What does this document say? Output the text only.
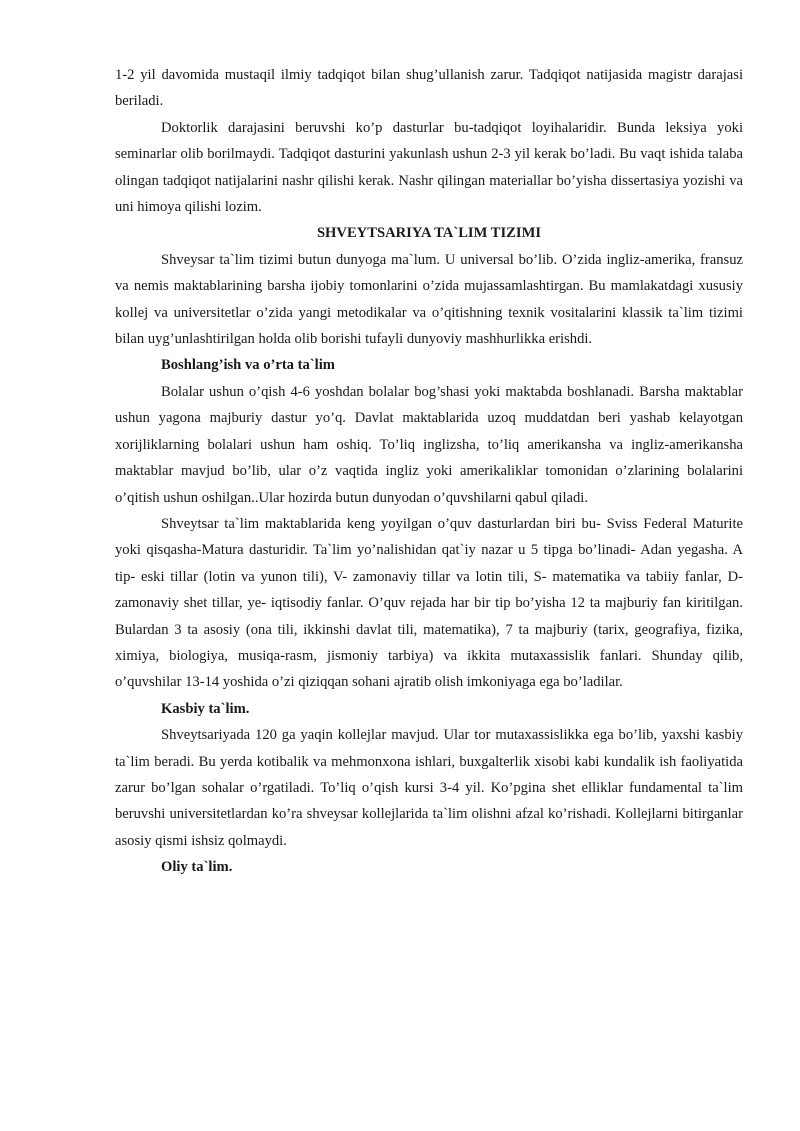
1-2 yil davomida mustaqil ilmiy tadqiqot bilan shug’ullanish zarur. Tadqiqot natijasida magistr darajasi beriladi.

Doktorlik darajasini beruvshi ko’p dasturlar bu-tadqiqot loyihalaridir. Bunda leksiya yoki seminarlar olib borilmaydi. Tadqiqot dasturini yakunlash ushun 2-3 yil kerak bo’ladi. Bu vaqt ishida talaba olingan tadqiqot natijalarini nashr qilishi kerak. Nashr qilingan materiallar bo’yisha dissertasiya yozishi va uni himoya qilishi lozim.

SHVEYTSARIYA TA`LIM TIZIMI

Shveysar ta`lim tizimi butun dunyoga ma`lum. U universal bo’lib. O’zida ingliz-amerika, fransuz va nemis maktablarining barsha ijobiy tomonlarini o’zida mujassamlashtirgan. Bu mamlakatdagi xususiy kollej va universitetlar o’zida yangi metodikalar va o’qitishning texnik vositalarini klassik ta`lim tizimi bilan uyg’unlashtirilgan holda olib borishi tufayli dunyoviy mashhurlikka erishdi.

Boshlang’ish va o’rta ta`lim

Bolalar ushun o’qish 4-6 yoshdan bolalar bog’shasi yoki maktabda boshlanadi. Barsha maktablar ushun yagona majburiy dastur yo’q. Davlat maktablarida uzoq muddatdan beri yashab kelayotgan xorijliklarning bolalari ushun ham oshiq. To’liq inglizsha, to’liq amerikansha va ingliz-amerikansha maktablar mavjud bo’lib, ular o’z vaqtida ingliz yoki amerikaliklar tomonidan o’zlarining bolalarini o’qitish ushun oshilgan..Ular hozirda butun dunyodan o’quvshilarni qabul qiladi.

Shveytsar ta`lim maktablarida keng yoyilgan o’quv dasturlardan biri bu- Sviss Federal Maturite yoki qisqasha-Matura dasturidir. Ta`lim yo’nalishidan qat`iy nazar u 5 tipga bo’linadi- Adan yegasha. A tip- eski tillar (lotin va yunon tili), V- zamonaviy tillar va lotin tili, S- matematika va tabiiy fanlar, D- zamonaviy shet tillar, ye- iqtisodiy fanlar. O’quv rejada har bir tip bo’yisha 12 ta majburiy fan kiritilgan. Bulardan 3 ta asosiy (ona tili, ikkinshi davlat tili, matematika), 7 ta majburiy (tarix, geografiya, fizika, ximiya, biologiya, musiqa-rasm, jismoniy tarbiya) va ikkita mutaxassislik fanlari. Shunday qilib, o’quvshilar 13-14 yoshida o’zi qiziqqan sohani ajratib olish imkoniyaga ega bo’ladilar.

Kasbiy ta`lim.

Shveytsariyada 120 ga yaqin kollejlar mavjud. Ular tor mutaxassislikka ega bo’lib, yaxshi kasbiy ta`lim beradi. Bu yerda kotibalik va mehmonxona ishlari, buxgalterlik xisobi kabi kundalik ish faoliyatida zarur bo’lgan sohalar o’rgatiladi. To’liq o’qish kursi 3-4 yil. Ko’pgina shet elliklar fundamental ta`lim beruvshi universitetlardan ko’ra shveysar kollejlarida ta`lim olishni afzal ko’rishadi. Kollejlarni bitirganlar asosiy qismi ishsiz qolmaydi.

Oliy ta`lim.
